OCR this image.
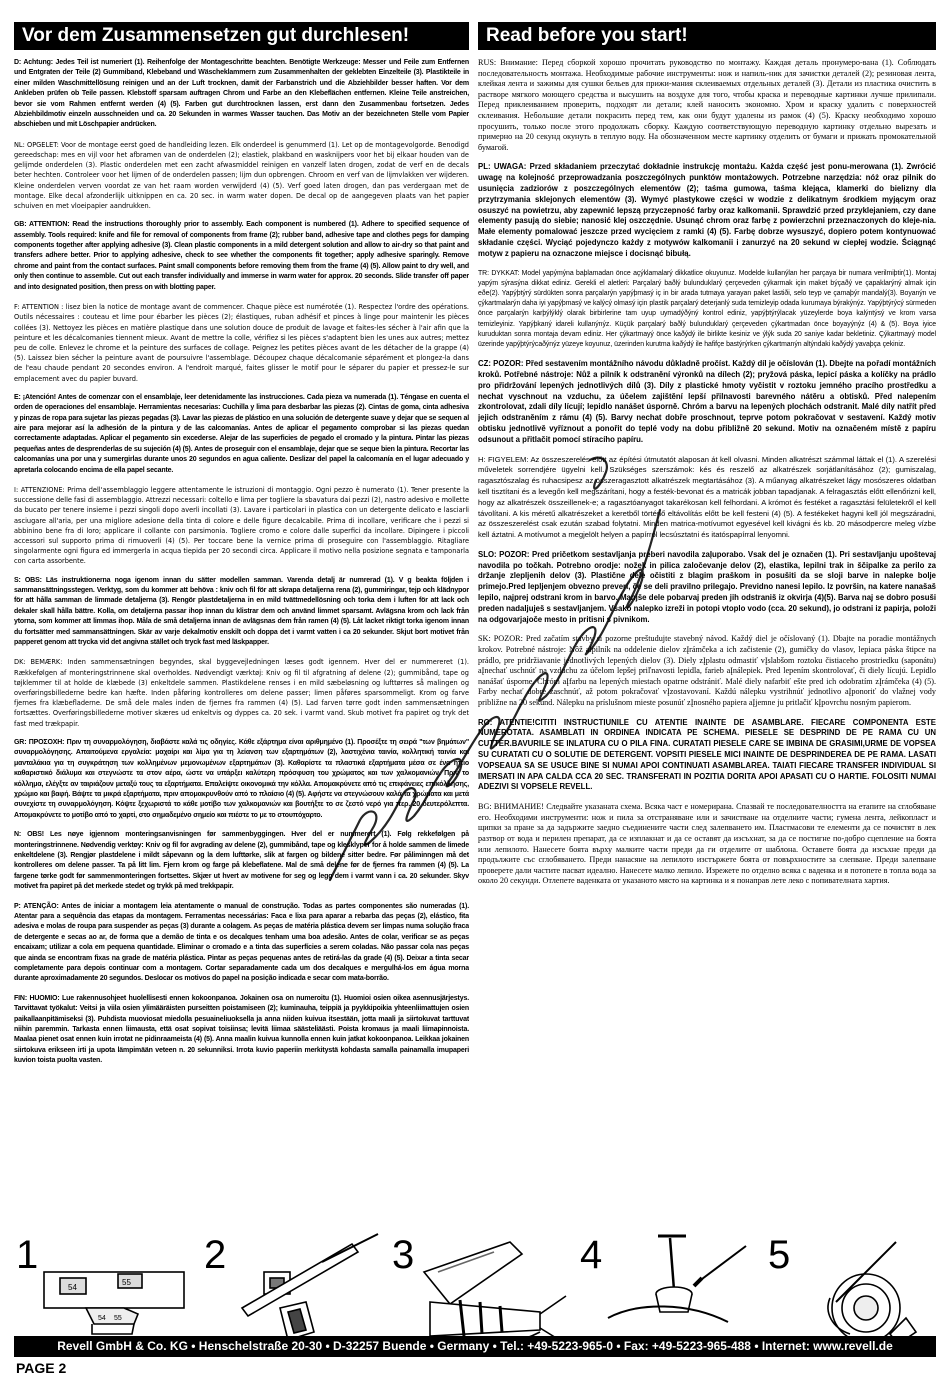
Vor dem Zusammensetzen gut durchlesen!	Read before you start!

D: Achtung: Jedes Teil ist numeriert (1). Reihenfolge der Montageschritte beachten. Benötigte Werkzeuge: Messer und Feile zum Entfernen und Entgraten der Teile (2) Gummiband, Klebeband und Wäscheklammern zum Zusammenhalten der geklebten Einzelteile (3). Plastikteile in einer milden Waschmittellösung reinigen und an der Luft trocknen, damit der Farbanstrich und die Abziehbilder besser haften. Vor dem Ankleben prüfen ob Teile passen. Klebstoff sparsam auftragen Chrom und Farbe an den Klebeflächen entfernen. Kleine Teile anstreichen, bevor sie vom Rahmen entfernt werden (4) (5). Farben gut durchtrocknen lassen, erst dann den Zusammenbau fortsetzen. Jedes Abziehbildmotiv einzeln ausschneiden und ca. 20 Sekunden in warmes Wasser tauchen. Das Motiv an der bezeichneten Stelle vom Papier abschieben und mit Löschpapier andrücken.

NL: OPGELET: Voor de montage eerst goed de handleiding lezen. Elk onderdeel is genummerd (1). Let op de montagevolgorde. Benodigd gereedschap: mes en vijl voor het afbramen van de onderdelen (2); elastiek, plakband en wasknijpers voor het bij elkaar houden van de gelijmde onderdelen (3). Plastic onderdelen met een zacht afwasmiddel reinigen en vanzelf laten drogen, zodat de verf en de decals beter hechten. Controleer voor het lijmen of de onderdelen passen; lijm dun opbrengen. Chroom en verf van de lijmvlakken ver wijderen. Kleine onderdelen verven voordat ze van het raam worden verwijderd (4) (5). Verf goed laten drogen, dan pas verdergaan met de montage. Elke decal afzonderlijk uitknippen en ca. 20 sec. in warm water dopen. De decal op de aangegeven plaats van het papier schuiven en met vloeipapier aandrukken.

GB: ATTENTION: Read the instructions thoroughly prior to assembly. Each component is numbered (1). Adhere to specified sequence of assembly. Tools required: knife and file for removal of components from frame (2); rubber band, adhesive tape and clothes pegs for damping components together after applying adhesive (3). Clean plastic components in a mild detergent solution and allow to air-dry so that paint and transfers adhere better. Prior to applying adhesive, check to see whether the components fit together; apply adhesive sparingly. Remove chrome and paint from the contact surfaces. Paint small components before removing them from the frame (4) (5). Allow paint to dry well, and only then continue to assemble. Cut out each transfer individually and immerse in warm water for approx. 20 seconds. Slide transfer off paper and into designated position, then press on with blotting paper.

F: ATTENTION : lisez bien la notice de montage avant de commencer. Chaque pièce est numérotée (1). Respectez l'ordre des opérations. Outils nécessaires : couteau et lime pour ébarber les pièces (2); élastiques, ruban adhésif et pinces à linge pour maintenir les pièces collées (3). Nettoyez les pièces en matière plastique dans une solution douce de produit de lavage et faites-les sécher à l'air afin que la peinture et les décalcomanies tiennent mieux. Avant de mettre la colle, vérifiez si les pièces s'adaptent bien les unes aux autres; mettez peu de colle. Enlevez le chrome et la peinture des surfaces de collage. Peignez les petites pièces avant de les détacher de la grappe (4)(5). Laissez bien sécher la peinture avant de poursuivre l'assemblage. Découpez chaque décalcomanie séparément et plongez-la dans de l'eau chaude pendant 20 secondes environ. A l'endroit marqué, faites glisser le motif pour le séparer du papier et pressez-le sur emplacement avec du papier buvard.

E: ¡Atención! Antes de comenzar con el ensamblaje, leer detenidamente las instrucciones. Cada pieza va numerada (1). Téngase en cuenta el orden de operaciones del ensamblaje. Herramientas necesarias: Cuchilla y lima para desbarbar las piezas (2). Cintas de goma, cinta adhesiva y pinzas de ropa para sujetar las piezas pegadas (3). Lavar las piezas de plástico en una solución de detergente suave y dejar que se sequen al aire para mejorar así la adhesión de la pintura y de las calcomanías. Antes de aplicar el pegamento comprobar si las piezas quedan correctamente adaptadas. Aplicar el pegamento sin excederse. Alejar de las superficies de pegado el cromado y la pintura. Pintar las piezas pequeñas antes de desprenderlas de su sujeción (4) (5). Antes de proseguir con el ensamblaje, dejar que se seque bien la pintura. Recortar las calcomanías una por una y sumergirlas durante unos 20 segundos en agua caliente. Deslizar del papel la calcomanía en el lugar adecuado y apretarla colocando encima de ella papel secante.

I: ATTENZIONE: Prima dell'assemblaggio leggere attentamente le istruzioni di montaggio. Ogni pezzo è numerato (1). Tener presente la successione delle fasi di assemblaggio. Attrezzi necessari: coltello e lima per togliere la sbavatura dai pezzi (2), nastro adesivo e mollette da bucato per tenere insieme i pezzi singoli dopo averli incollati (3). Lavare i particolari in plastica con un detergente delicato e lasciarli asciugare all'aria, per una migliore adesione della tinta di colore e delle figure decalcabile. Prima di incollare, verificare che i pezzi si abbinino bene fra di loro; applicare il collante con parsimonia. Togliere cromo e colore dalle superfici da incollare. Dipingere i piccoli accessori sul supporto prima di rimuoverli (4) (5). Per toccare bene la vernice prima di proseguire con l'assemblaggio. Ritagliare singolarmente ogni figura ed immergerla in acqua tiepida per 20 secondi circa. Applicare il motivo nella posizione segnata e tamponarla con carta assorbente.

S: OBS: Läs instruktionerna noga igenom innan du sätter modellen samman. Varenda detalj är numrerad (1). V g beakta följden i sammansättningsstegen. Verktyg, som du kommer att behöva : kniv och fil för att skrapa detaljerna rena (2), gummiringar, tejp och klädnypor för att hålla samman de limmade detaljerna (3). Rengör plastdetaljerna in en mild tvättmedellösning och torka dem i luften för att lack och dekaler skall hålla bättre. Kolla, om detaljerna passar ihop innan du klistrar dem och använd limmet sparsamt. Avlägsna krom och lack från ytorna, som kommer att limmas ihop. Måla de små detaljerna innan de avlägsnas dem från ramen (4) (5). Låt lacket riktigt torka igenom innan du fortsätter med sammansättningen. Skär av varje dekalmotiv enskilt och doppa det i varmt vatten i ca 20 sekunder. Skjut bort motivet från papperet genom att trycka vid det angivna stället och tryck fast med läskpapper.

DK: BEMÆRK: Inden sammensætningen begyndes, skal byggevejledningen læses godt igennem. Hver del er nummereret (1). Rækkefølgen af monteringstrinnene skal overholdes. Nødvendigt værktøj: Kniv og fil til afgratning af delene (2); gummibånd, tape og tøjklemmer til at holde de klæbede (3) enkeltdele sammen. Plastikdelene renses i en mild sæbeløsning og lufttørres så malingen og overføringsbillederne bedre kan hæfte. Inden påføring kontrolleres om delene passer; limen påføres sparsommeligt. Krom og farve fjernes fra klæbefladerne. De små dele males inden de fjernes fra rammen (4) (5). Lad farven tørre godt inden sammensætningen fortsættes. Overføringsbillederne motiver skæres ud enkeltvis og dyppes ca. 20 sek. i varmt vand. Skub motivet fra papiret og tryk det fast med trækpapir.

GR: ΠΡΟΣΟΧΗ: Πριν τη συναρμολόγηση, διαβάστε καλά τις οδηγίες. Κάθε εξάρτημα είναι αριθμημένο (1). Προσέξτε τη σειρά "των βημάτων" συναρμολόγησης. Απαιτούμενα εργαλεία: μαχαίρι και λίμα για τη λείανση των εξαρτημάτων (2), λαστιχένια ταινία, κολλητική ταινία και μανταλάκια για τη συγκράτηση των κολλημένων μεμονωμένων εξαρτημάτων (3). Καθαρίστε τα πλαστικά εξαρτήματα μέσα σε ένα ήπιο καθαριστικό διάλυμα και στεγνώστε τα στον αέρα, ώστε να υπάρξει καλύτερη πρόσφυση του χρώματος και των χαλκομανιών. Πριν το κόλλημα, ελέγξτε αν ταιριάζουν μεταξύ τους τα εξαρτήματα. Επαλείψτε οικονομικά την κόλλα. Απομακρύνετε από τις επιφάνειες επικόλλησης, χρώμιο και βαφή. Βάψτε τα μικρά εξαρτήματα, πριν απομακρυνθούν από το πλαίσιο (4) (5). Αφήστε να στεγνώσουν καλά τα χρώματα και μετά συνεχίστε τη συναρμολόγηση. Κόψτε ξεχωριστά το κάθε μοτίβο των χαλκομανιών και βουτήξτε το σε ζεστό νερό για περ. 20 δευτερόλεπτα. Απομακρύνετε το μοτίβο από το χαρτί, στο σημαδεμένο σημείο και πιέστε το με το στουπόχαρτο.

N: OBS! Les nøye igjennom monteringsanvisningen før sammenbyggingen. Hver del er nummerert (1). Følg rekkefølgen på monteringstrinnene. Nødvendig verktøy: Kniv og fil for avgrading av delene (2), gummibånd, tape og klesklyper for å holde sammen de limede enkeltdelene (3). Rengjør plastdelene i mildt såpevann og la dem lufttørke, slik at fargen og bildene sitter bedre. Før påliminngen må det kontrolleres om delene passer. Ta på litt lim. Fjern krom og farge på klebeflatene. Mal de små delene før de fjernes fra rammen (4) (5). La fargene tørke godt før sammenmonteringen fortsettes. Skjær ut hvert av motivene for seg og legg dem i varmt vann i ca. 20 sekunder. Skyv motivet fra papiret på det merkede stedet og trykk på med trekkpapir.

P: ATENÇÃO: Antes de iniciar a montagem leia atentamente o manual de construção. Todas as partes componentes são numeradas (1). Atentar para a sequência das etapas da montagem. Ferramentas necessárias: Faca e lixa para aparar a rebarba das peças (2), elástico, fita adesiva e molas de roupa para suspender as peças (3) durante a colagem. As peças de matéria plástica devem ser limpas numa solução fraca de detergente e secas ao ar, de forma que a demão de tinta e os decalques tenham uma boa adesão. Antes de colar, verificar se as peças encaixam; utilizar a cola em pequena quantidade. Eliminar o cromado e a tinta das superfícies a serem coladas. Não passar cola nas peças que ainda se encontram fixas na grade de matéria plástica. Pintar as peças pequenas antes de retirá-las da grade (4) (5). Deixar a tinta secar completamente para depois continuar com a montagem. Cortar separadamente cada um dos decalques e mergulhá-los em água morna durante aproximadamente 20 segundos. Deslocar os motivos do papel na posição indicada e secar com mata-borrão.

FIN: HUOMIO: Lue rakennusohjeet huolellisesti ennen kokoonpanoa. Jokainen osa on numeroitu (1). Huomioi osien oikea asennusjärjestys. Tarvittavat työkalut: Veitsi ja viila osien ylimääräisten purseitten poistamiseen (2); kuminauha, teippiä ja pyykkipoikia yhteenliimattujen osien paikallaanpitämiseksi (3). Puhdista muoviosat miedolla pesuaineliuoksella ja anna niiden kuivua itsestään, jotta maali ja siirtokuvat tarttuvat niihin paremmin. Tarkasta ennen liimausta, että osat sopivat toisiinsa; levitä liimaa säästeliäästi. Poista kromaus ja maali liimapinnoista. Maalaa pienet osat ennen kuin irrotat ne pidinraameista (4) (5). Anna maalin kuivua kunnolla ennen kuin jatkat kokoonpanoa. Leikkaa jokainen siirtokuva erikseen irti ja upota lämpimään veteen n. 20 sekunniksi. Irrota kuvio paperiin merkitystä kohdasta samalla painamalla imupaperi kuvion toista puolta vasten.

RUS: Внимание: Перед сборкой хорошо прочитать руководство по монтажу. Каждая деталь пронумеро-вана (1). Соблюдать последовательность монтажа. Необходимые рабочие инструменты: нож и напиль-ник для зачистки деталей (2); резиновая лента, клейкая лента и зажимы для сушки бельев для прижи-мания склеиваемых отдельных деталей (3). Детали из пластика очистить в растворе мягкого моющего средства и высушить на воздухе для того, чтобы краска и переводные картинки лучше прилипали. Перед приклеиванием проверить, подходят ли детали; клей наносить экономно. Хром и краску удалить с поверхностей склеивания. Небольшие детали покрасить перед тем, как они будут удалены из рамок (4) (5). Краску необходимо хорошо просушить, только после этого продолжать сборку. Каждую соответствующую переводную картинку отдельно вырезать и примерно на 20 секунд окунуть в теплую воду. На обозначенном месте картинку отделить от бумаги и прижать промокательной бумагой.

PL: UWAGA: Przed składaniem przeczytać dokładnie instrukcję montażu. Każda część jest ponu-merowana (1). Zwrócić uwagę na kolejność przeprowadzania poszczególnych punktów montażowych. Potrzebne narzędzia: nóż oraz pilnik do usunięcia zadziorów z poszczególnych elementów (2); taśma gumowa, taśma klejąca, klamerki do bielizny dla przytrzymania sklejonych elementów (3). Wymyć plastykowe części w wodzie z delikatnym środkiem myjącym oraz osuszyć na powietrzu, aby zapewnić lepszą przyczepność farby oraz kalkomanii. Sprawdzić przed przyklejaniem, czy dane elementy pasują do siebie; nanosić klej oszczędnie. Usunąć chrom oraz farbę z powierzchni przeznaczonych do kleje-nia. Małe elementy pomalować jeszcze przed wycięciem z ramki (4) (5). Farbę dobrze wysuszyć, dopiero potem kontynuować składanie części. Wyciąć pojedynczo każdy z motywów kalkomanii i zanurzyć na 20 sekund w ciepłej wodzie. Ściągnąć motyw z papieru na oznaczone miejsce i docisnąć bibułą.

TR: DYKKAT: Model yapýmýna baþlamadan önce açýklamalarý dikkatlice okuyunuz. Modelde kullanýlan her parçaya bir numara verilmiþtir(1). Montaj yapým sýrasýna dikkat ediniz. Gerekli el aletleri: Parçalarý baðlý bulunduklarý çerçeveden çýkarmak için maket býçaðý ve çapaklarýný almak için eðe(2). Yapýþtýrý sürdükten sonra parçalarýn yapýþmasý iç in bir arada tutmaya yarayan paket lastiði, selo teyp ve çamaþýr mandalý(3). Boyanýn ve çýkartmalarýn daha iyi yapýþmasý ve kalýcý olmasý için plastik parçalarý deterjanlý suda temizleyip odada kurumaya býrakýnýz. Yapýþtýrýcý sürmeden önce parçalarýn karþýlýklý olarak birbirlerine tam uyup uymadýðýný kontrol ediniz, yapýþtýrýlacak yüzeylerde boya kalýntýsý ve krom varsa temizleyiniz. Yapýþkaný idareli kullanýnýz. Küçük parçalarý baðlý bulunduklarý çerçeveden çýkartmadan önce boyayýnýz (4) & (5). Boya iyice kuruduktan sonra montaja devam ediniz. Her çýkartmayý önce kaðýdý ile birlikte kesiniz ve ýlýk suda 20 saniye kadar bekletiniz. Çýkartmayý model üzerinde yapýþtýrýcaðýnýz yüzeye koyunuz, üzerinden kurutma kaðýdý ile hafifçe bastýrýrken çýkartmanýn altýndaki kaðýdý yavaþça çekiniz.

CZ: POZOR: Před sestavením montážního návodu důkladně pročíst. Každý díl je očíslován (1). Dbejte na pořadí montážních kroků. Potřebné nástroje: Nůž a pilník k odstranění výronků na dílech (2); pryžová páska, lepicí páska a kolíčky na prádlo pro přidržování lepených jednotlivých dílů (3). Díly z plastické hmoty vyčistit v roztoku jemného pracího prostředku a nechat vyschnout na vzduchu, za účelem zajištění lepší přilnavosti barevného nátěru a obtisků. Před nalepením zkontrolovat, zdali díly lícují; lepidlo nanášet úsporně. Chróm a barvu na lepených plochách odstranit. Malé díly natřít před jejich odstraněním z rámu (4) (5). Barvy nechat dobře proschnout, teprve potom pokračovat v sestavení. Každý motiv obtisku jednotlivě vyříznout a ponořit do teplé vody na dobu přibližně 20 sekund. Motiv na označeném místě z papíru odsunout a přitlačit pomocí stíracího papíru.

H: FIGYELEM: Az összeszerelés előtt az építési útmutatót alaposan át kell olvasni. Minden alkatrészt számmal láttak el (1). A szerelési műveletek sorrendjére ügyelni kell. Szükséges szerszámok: kés és reszelő az alkatrészek sorjátlanításához (2); gumiszalag, ragasztószalag és ruhacsipesz az összeragasztott alkatrészek megtartásához (3). A műanyag alkatrészeket lágy mosószeres oldatban kell tisztítani és a levegőn kell megszárítani, hogy a festék-bevonat és a matricák jobban tapadjanak. A felragasztás előtt ellenőrizni kell, hogy az alkatrészek összeillenek-e; a ragasztóanyagot takarékosan kell felhordani. A krómot és festéket a ragasztási felületekről el kell távolítani. A kis méretű alkatrészeket a keretből történő eltávolítás előtt be kell festeni (4) (5). A festékeket hagyni kell jól megszáradni, az összeszerelést csak ezután szabad folytatni. Minden matrica-motívumot egyesével kell kivágni és kb. 20 másodpercre meleg vízbe kell áztatni. A motívumot a megjelölt helyen a papírról lecsúsztatni és itatóspapírral lenyomni.

SLO: POZOR: Pred pričetkom sestavljanja preberi navodila zaĮuporabo. Vsak del je označen (1). Pri sestavljanju upoštevaj navodila po točkah. Potrebno orodje: nožek in pilica zaločevanje delov (2), elastika, lepilni trak in ščipalke za perilo za držanje zlepljenih delov (3). Plastične dele očistiti z blagim praškom in posušiti da se sloji barve in nalepke bolje primejo.Pred lepljenjem obvezno preveri, če se deli pravilno prilegajo. Previdno nanesi lepilo. Iz površin, na katere nanašaš lepilo, najprej odstrani krom in barvo. Manjše dele pobarvaj preden jih odstraniš iz okvirja (4)(5). Barva naj se dobro posuši preden nadaljuješ s sestavljanjem. Vsako nalepko izreži in potopi vtoplo vodo (cca. 20 sekund), jo odstrani iz papirja, položi na odgovarjajoče mesto in pritisni s pivnikom.

SK: POZOR: Pred začatím stavby si pozorne preštudujte stavebný návod. Každý diel je očíslovaný (1). Dbajte na poradie montážnych krokov. Potrebné nástroje: Nôž alpilník na oddelenie dielov zĮrámčeka a ich začistenie (2), gumičky do vlasov, lepiaca páska štipce na prádlo, pre pridržiavanie jednotlivých lepených dielov (3). Diely zĮplastu odmastiť vĮslabšom roztoku čistiaceho prostriedku (saponátu) aĮnechať uschnúť na vzduchu za účelom lepšej priľnavosti lepidla, farieb aĮnálepiek. Pred lepením skontrolovať, či diely lícujú. Lepidlo nanášať úsporne. Chróm aĮfarbu na lepených miestach opatrne odstrániť. Malé diely nafarbiť ešte pred ich odobratím zĮrámčeka (4) (5). Farby nechať dobre zaschnúť, až potom pokračovať vĮzostavovaní. Každú nálepku vystrihnúť jednotlivo aĮponoriť do vlažnej vody približne na 20 sekúnd. Nálepku na príslušnom mieste posunúť zĮnosného papiera aĮjemne ju pritlačiť kĮpovrchu nosným papierom.

RO: ATENTIE!CITITI INSTRUCTIUNILE CU ATENTIE INAINTE DE ASAMBLARE. FIECARE COMPONENTA ESTE NUMEROTATA. ASAMBLATI IN ORDINEA INDICATA PE SCHEMA. PIESELE SE DESPRIND DE PE RAMA CU UN CUTTER.BAVURILE SE INLATURA CU O PILA FINA. CURATATI PIESELE CARE SE IMBINA DE GRASIMI,URME DE VOPSEA SU CURATATI CU O SOLUTIE DE DETERGENT. VOPSITI PIESELE MICI INAINTE DE DESPRINDEREA DE PE RAMA. LASATI VOPSEAUA SA SE USUCE BINE SI NUMAI APOI CONTINUATI ASAMBLAREA. TAIATI FIECARE TRANSFER INDIVIDUAL SI IMERSATI IN APA CALDA CCA 20 SEC. TRANSFERATI IN POZITIA DORITA APOI APASATI CU O HARTIE. FOLOSITI NUMAI ADEZIVI SI VOPSELE REVELL.

BG: ВНИМАНИЕ! Следвайте указаната схема. Всяка част е номерирана. Спазвай те последователността на етапите на сглобяване его. Необходими инструменти: нож и пила за отстраняване или и зачистване на отделните части; гумена лента, лейкопласт и щипки за пране за да задържите заедно съединените части след залепването им. Пластмасови те елементи да се почистят в лек разтвор от вода и перилен препарат, да се изплакнат и да се оставят да изсъхнат, за да се постигне по-добро сцепление на боята или лепилото. Нанесете боята върху малките части преди да ги отделите от шаблона. Оставете боята да изсъхне преди да продължите със сглобяването. Преди нанасяне на лепилото изстържете боята от повърхностите за слепване. Преди залепване проверете дали частите пасват идеално. Нанесете малко лепило. Изрежете по отделно всяка с ваденка и я потопете в топла вода за около 20 секунди. Отлепете ваденката от указаното място на картинка и я понаправ лете леко с попивателната хартия.

1
54
55
54 55
2	3	4	5
Revell GmbH & Co. KG • Henschelstraße 20-30 • D-32257 Buende • Germany • Tel.: +49-5223-965-0 • Fax: +49-5223-965-488 • Internet: www.revell.de
PAGE 2
